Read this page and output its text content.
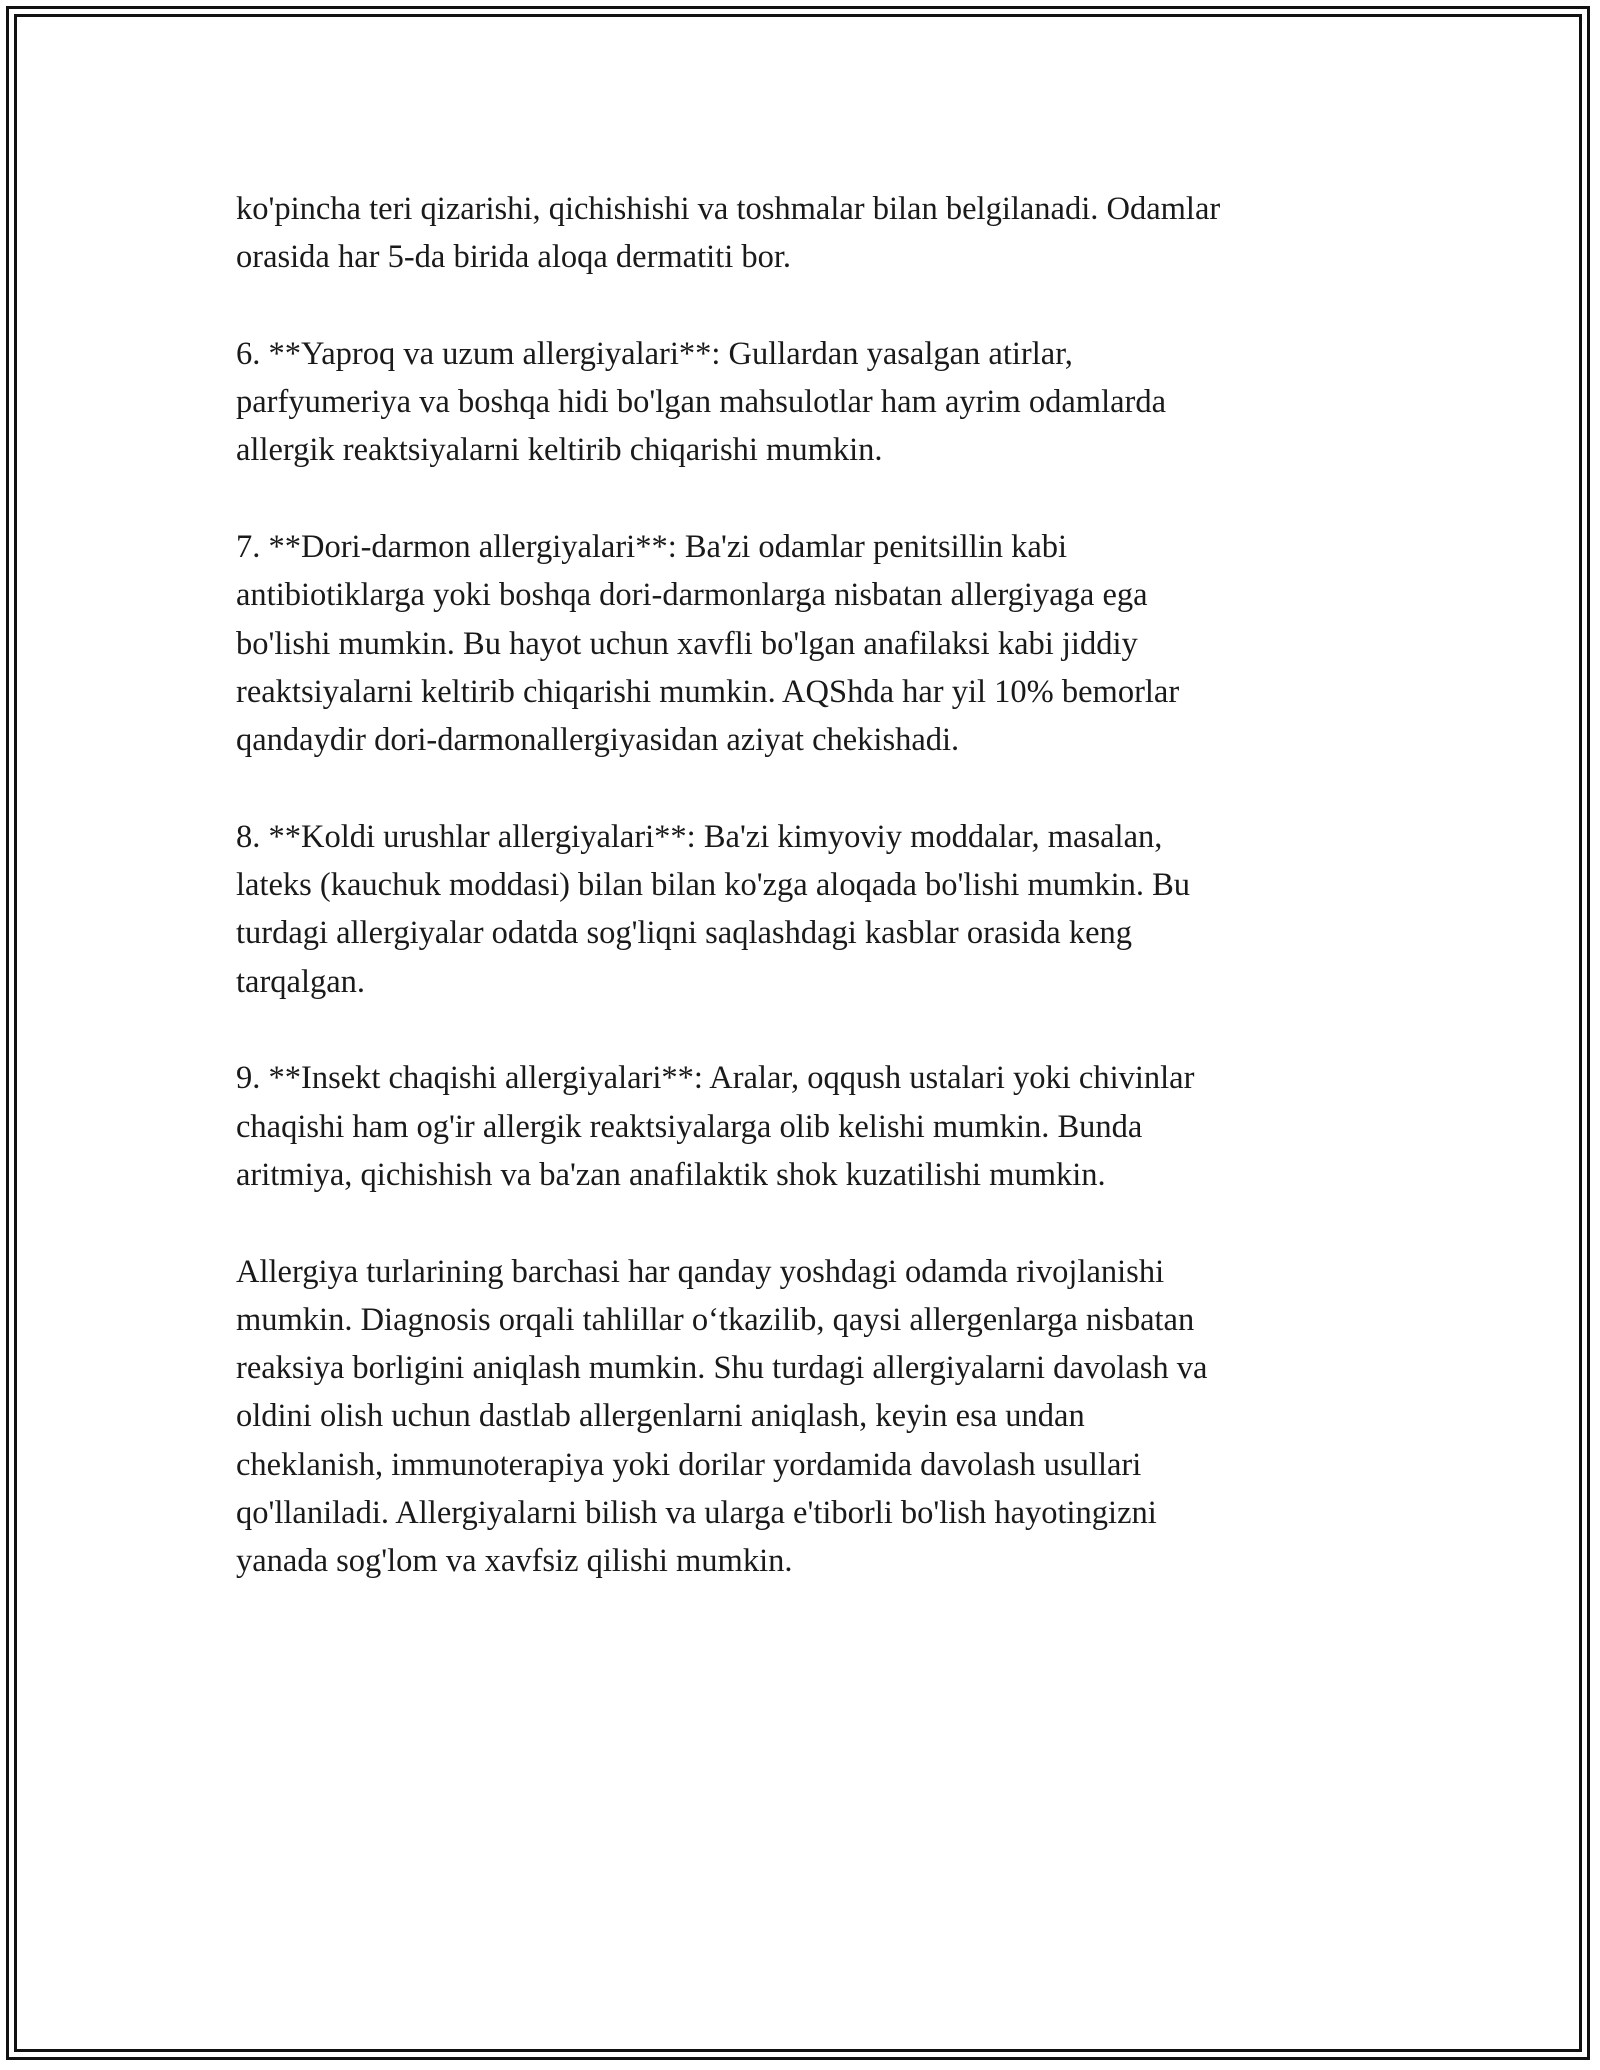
ko'pincha teri qizarishi, qichishishi va toshmalar bilan belgilanadi. Odamlar
orasida har 5-da birida aloqa dermatiti bor.

6. **Yaproq va uzum allergiyalari**: Gullardan yasalgan atirlar,
parfyumeriya va boshqa hidi bo'lgan mahsulotlar ham ayrim odamlarda
allergik reaktsiyalarni keltirib chiqarishi mumkin.

7. **Dori-darmon allergiyalari**: Ba'zi odamlar penitsillin kabi
antibiotiklarga yoki boshqa dori-darmonlarga nisbatan allergiyaga ega
bo'lishi mumkin. Bu hayot uchun xavfli bo'lgan anafilaksi kabi jiddiy
reaktsiyalarni keltirib chiqarishi mumkin. AQShda har yil 10% bemorlar
qandaydir dori-darmonallergiyasidan aziyat chekishadi.

8. **Koldi urushlar allergiyalari**: Ba'zi kimyoviy moddalar, masalan,
lateks (kauchuk moddasi) bilan bilan ko'zga aloqada bo'lishi mumkin. Bu
turdagi allergiyalar odatda sog'liqni saqlashdagi kasblar orasida keng
tarqalgan.

9. **Insekt chaqishi allergiyalari**: Aralar, oqqush ustalari yoki chivinlar
chaqishi ham og'ir allergik reaktsiyalarga olib kelishi mumkin. Bunda
aritmiya, qichishish va ba'zan anafilaktik shok kuzatilishi mumkin.

Allergiya turlarining barchasi har qanday yoshdagi odamda rivojlanishi
mumkin. Diagnosis orqali tahlillar o‘tkazilib, qaysi allergenlarga nisbatan
reaksiya borligini aniqlash mumkin. Shu turdagi allergiyalarni davolash va
oldini olish uchun dastlab allergenlarni aniqlash, keyin esa undan
cheklanish, immunoterapiya yoki dorilar yordamida davolash usullari
qo'llaniladi. Allergiyalarni bilish va ularga e'tiborli bo'lish hayotingizni
yanada sog'lom va xavfsiz qilishi mumkin.
